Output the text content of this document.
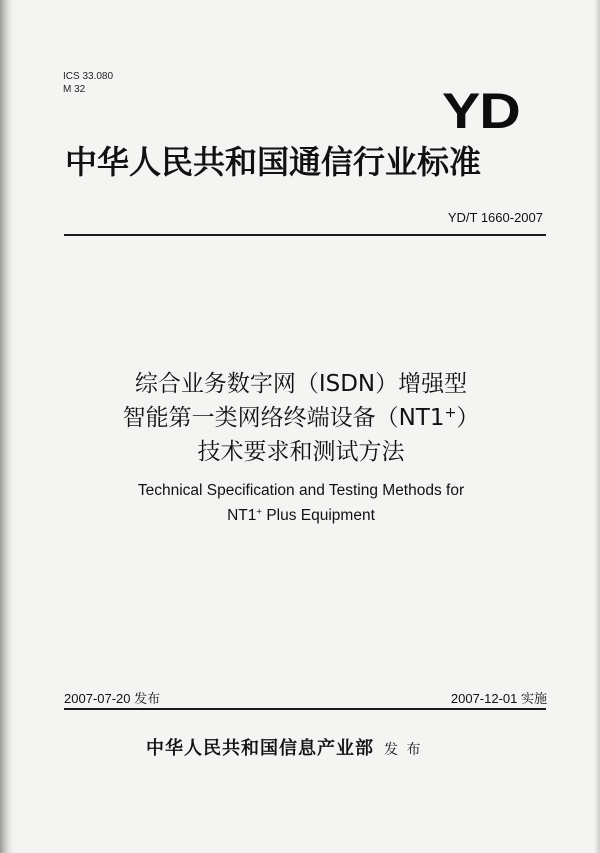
ICS 33.080
M 32	YD
中华人民共和国通信行业标准
YD/T 1660-2007
综合业务数字网（ISDN）增强型
智能第一类网络终端设备（NT1+）
技术要求和测试方法
Technical Specification and Testing Methods for
NT1+ Plus Equipment
2007-07-20 发布	2007-12-01 实施
中华人民共和国信息产业部 发 布
